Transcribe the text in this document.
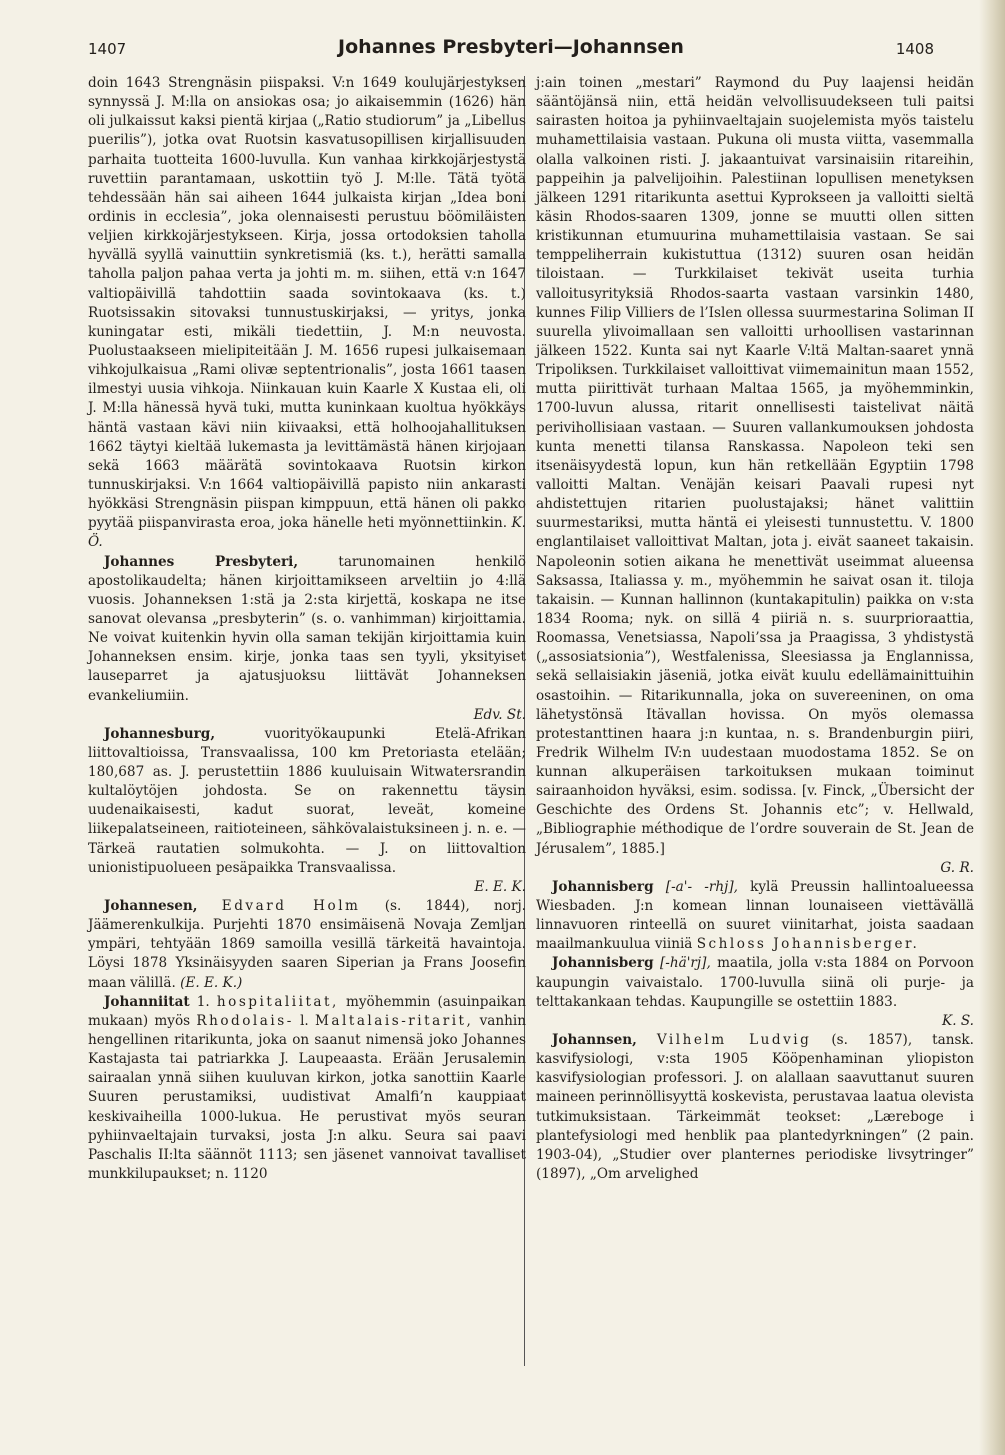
1407	Johannes Presbyteri—Johannsen	1408

doin 1643 Strengnäsin piispaksi. V:n 1649 koulujärjestyksen synnyssä J. M:lla on ansiokas osa; jo aikaisemmin (1626) hän oli julkaissut kaksi pientä kirjaa („Ratio studiorum” ja „Libellus puerilis”), jotka ovat Ruotsin kasvatusopillisen kirjallisuuden parhaita tuotteita 1600-luvulla. Kun vanhaa kirkkojärjestystä ruvettiin parantamaan, uskottiin työ J. M:lle. Tätä työtä tehdessään hän sai aiheen 1644 julkaista kirjan „Idea boni ordinis in ecclesia”, joka olennaisesti perustuu böömiläisten veljien kirkkojärjestykseen. Kirja, jossa ortodoksien taholla hyvällä syyllä vainuttiin synkretismiä (ks. t.), herätti samalla taholla paljon pahaa verta ja johti m. m. siihen, että v:n 1647 valtiopäivillä tahdottiin saada sovintokaava (ks. t.) Ruotsissakin sitovaksi tunnustuskirjaksi, — yritys, jonka kuningatar esti, mikäli tiedettiin, J. M:n neuvosta. Puolustaakseen mielipiteitään J. M. 1656 rupesi julkaisemaan vihkojulkaisua „Rami olivæ septentrionalis”, josta 1661 taasen ilmestyi uusia vihkoja. Niinkauan kuin Kaarle X Kustaa eli, oli J. M:lla hänessä hyvä tuki, mutta kuninkaan kuoltua hyökkäys häntä vastaan kävi niin kiivaaksi, että holhoojahallituksen 1662 täytyi kieltää lukemasta ja levittämästä hänen kirjojaan sekä 1663 määrätä sovintokaava Ruotsin kirkon tunnuskirjaksi. V:n 1664 valtiopäivillä papisto niin ankarasti hyökkäsi Strengnäsin piispan kimppuun, että hänen oli pakko pyytää piispanvirasta eroa, joka hänelle heti myönnettiinkin. K. Ö.

Johannes Presbyteri,	tarunomainen henkilö apostolikaudelta; hänen kirjoittamikseen arveltiin jo 4:llä vuosis. Johanneksen 1:stä ja 2:sta kirjettä, koskapa ne itse sanovat olevansa „presbyterin” (s. o. vanhimman) kirjoittamia. Ne voivat kuitenkin hyvin olla saman tekijän kirjoittamia kuin Johanneksen ensim. kirje, jonka taas sen tyyli, yksityiset lauseparret ja ajatusjuoksu liittävät Johanneksen evankeliumiin.

Edv. St.

Johannesburg,	vuorityökaupunki Etelä-Afrikan liittovaltioissa, Transvaalissa, 100 km Pretoriasta etelään; 180,687 as. J. perustettiin 1886 kuuluisain Witwatersrandin kultalöytöjen johdosta. Se on rakennettu täysin uudenaikaisesti, kadut suorat, leveät, komeine liikepalatseineen, raitioteineen, sähkövalaistuksineen j. n. e. — Tärkeä rautatien solmukohta. — J. on liittovaltion unionistipuolueen pesäpaikka Transvaalissa.

E. E. K.

Johannesen, Edvard Holm (s. 1844), norj. Jäämerenkulkija. Purjehti 1870 ensimäisenä Novaja Zemljan ympäri, tehtyään 1869 samoilla vesillä tärkeitä havaintoja. Löysi 1878 Yksinäisyyden saaren Siperian ja Frans Joosefin maan välillä. (E. E. K.)

Johanniitat 1. hospitaliitat, myöhemmin (asuinpaikan mukaan) myös Rhodolais- l. Maltalais-ritarit, vanhin hengellinen ritarikunta, joka on saanut nimensä joko Johannes Kastajasta tai patriarkka J. Laupeaasta. Erään Jerusalemin sairaalan ynnä siihen kuuluvan kirkon, jotka sanottiin Kaarle Suuren perustamiksi, uudistivat Amalfi’n kauppiaat keskivaiheilla 1000-lukua. He perustivat myös seuran pyhiinvaeltajain turvaksi, josta J:n alku. Seura sai paavi Paschalis II:lta säännöt 1113; sen jäsenet vannoivat tavalliset munkkilupaukset; n. 1120

j:ain toinen „mestari” Raymond du Puy laajensi heidän sääntöjänsä niin, että heidän velvollisuudekseen tuli paitsi sairasten hoitoa ja pyhiinvaeltajain suojelemista myös taistelu muhamettilaisia vastaan. Pukuna oli musta viitta, vasemmalla olalla valkoinen risti. J. jakaantuivat varsinaisiin ritareihin, pappeihin ja palvelijoihin. Palestiinan lopullisen menetyksen jälkeen 1291 ritarikunta asettui Kyprokseen ja valloitti sieltä käsin Rhodos-saaren 1309, jonne se muutti ollen sitten kristikunnan etumuurina muhamettilaisia vastaan. Se sai temppeliherrain kukistuttua (1312) suuren osan heidän tiloistaan. — Turkkilaiset tekivät useita turhia valloitusyrityksiä Rhodos-saarta vastaan varsinkin 1480, kunnes Filip Villiers de l’Islen ollessa suurmestarina Soliman II suurella ylivoimallaan sen valloitti urhoollisen vastarinnan jälkeen 1522. Kunta sai nyt Kaarle V:ltä Maltan-saaret ynnä Tripoliksen. Turkkilaiset valloittivat viimemainitun maan 1552, mutta piirittivät turhaan Maltaa 1565, ja myöhemminkin, 1700-luvun alussa, ritarit onnellisesti taistelivat näitä perivihollisiaan vastaan. — Suuren vallankumouksen johdosta kunta menetti tilansa Ranskassa. Napoleon teki sen itsenäisyydestä lopun, kun hän retkellään Egyptiin 1798 valloitti Maltan. Venäjän keisari Paavali rupesi nyt ahdistettujen ritarien puolustajaksi; hänet valittiin suurmestariksi, mutta häntä ei yleisesti tunnustettu. V. 1800 englantilaiset valloittivat Maltan, jota j. eivät saaneet takaisin. Napoleonin sotien aikana he menettivät useimmat alueensa Saksassa, Italiassa y. m., myöhemmin he saivat osan it. tiloja takaisin. — Kunnan hallinnon (kuntakapitulin) paikka on v:sta 1834 Rooma; nyk. on sillä 4 piiriä n. s. suurprioraattia, Roomassa, Venetsiassa, Napoli’ssa ja Praagissa, 3 yhdistystä („assosiatsionia”), Westfalenissa, Sleesiassa ja Englannissa, sekä sellaisiakin jäseniä, jotka eivät kuulu edellämainittuihin osastoihin. — Ritarikunnalla, joka on suvereeninen, on oma lähetystönsä Itävallan hovissa. On myös olemassa protestanttinen haara j:n kuntaa, n. s. Brandenburgin piiri, Fredrik Wilhelm IV:n uudestaan muodostama 1852. Se on kunnan alkuperäisen tarkoituksen mukaan toiminut sairaanhoidon hyväksi, esim. sodissa. [v. Finck, „Übersicht der Geschichte des Ordens St. Johannis etc”; v. Hellwald, „Bibliographie méthodique de l’ordre souverain de St. Jean de Jérusalem”, 1885.]

G. R.

Johannisberg [-a'- -rhj], kylä Preussin hallintoalueessa Wiesbaden. J:n komean linnan lounaiseen viettävällä linnavuoren rinteellä on suuret viinitarhat, joista saadaan maailmankuulua viiniä Schloss Johannisberger.

Johannisberg [-hä'rj], maatila, jolla v:sta 1884 on Porvoon kaupungin vaivaistalo. 1700-luvulla siinä oli purje- ja telttakankaan tehdas. Kaupungille se ostettiin 1883.

K. S.

Johannsen, Vilhelm Ludvig (s. 1857), tansk. kasvifysiologi, v:sta 1905 Kööpenhaminan yliopiston kasvifysiologian professori. J. on alallaan saavuttanut suuren maineen perinnöllisyyttä koskevista, perustavaa laatua olevista tutkimuksistaan. Tärkeimmät teokset: „Læreboge i plantefysiologi med henblik paa plantedyrkningen” (2 pain. 1903-04), „Studier over planternes periodiske livsytringer” (1897), „Om arvelighed
